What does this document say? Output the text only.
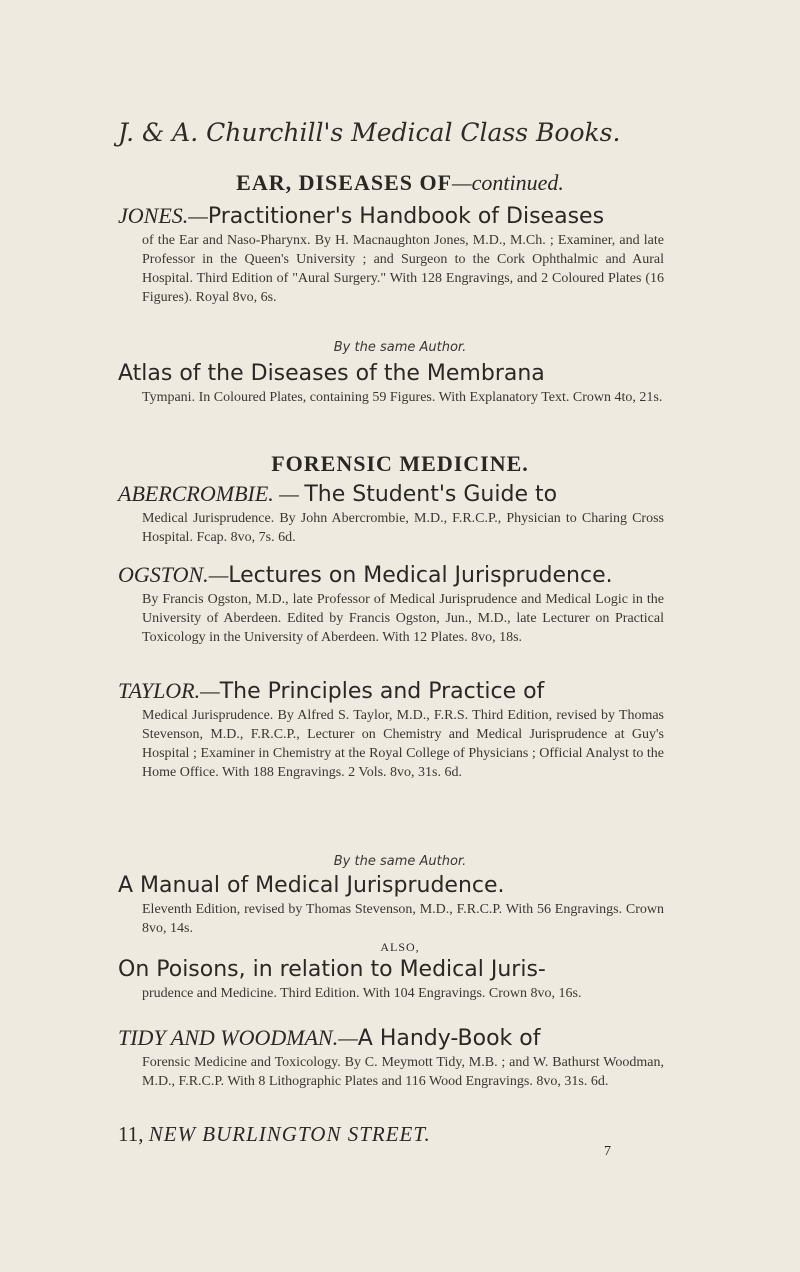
J. & A. Churchill's Medical Class Books.
EAR, DISEASES OF—continued.
JONES.—Practitioner's Handbook of Diseases
of the Ear and Naso-Pharynx. By H. Macnaughton Jones, M.D., M.Ch. ; Examiner, and late Professor in the Queen's University ; and Surgeon to the Cork Ophthalmic and Aural Hospital. Third Edition of "Aural Surgery." With 128 Engravings, and 2 Coloured Plates (16 Figures). Royal 8vo, 6s.
By the same Author.
Atlas of the Diseases of the Membrana
Tympani. In Coloured Plates, containing 59 Figures. With Explanatory Text. Crown 4to, 21s.
FORENSIC MEDICINE.
ABERCROMBIE. — The Student's Guide to
Medical Jurisprudence. By John Abercrombie, M.D., F.R.C.P., Physician to Charing Cross Hospital. Fcap. 8vo, 7s. 6d.
OGSTON.—Lectures on Medical Jurisprudence.
By Francis Ogston, M.D., late Professor of Medical Jurisprudence and Medical Logic in the University of Aberdeen. Edited by Francis Ogston, Jun., M.D., late Lecturer on Practical Toxicology in the University of Aberdeen. With 12 Plates. 8vo, 18s.
TAYLOR.—The Principles and Practice of
Medical Jurisprudence. By Alfred S. Taylor, M.D., F.R.S. Third Edition, revised by Thomas Stevenson, M.D., F.R.C.P., Lecturer on Chemistry and Medical Jurisprudence at Guy's Hospital ; Examiner in Chemistry at the Royal College of Physicians ; Official Analyst to the Home Office. With 188 Engravings. 2 Vols. 8vo, 31s. 6d.
By the same Author.
A Manual of Medical Jurisprudence.
Eleventh Edition, revised by Thomas Stevenson, M.D., F.R.C.P. With 56 Engravings. Crown 8vo, 14s.
ALSO,
On Poisons, in relation to Medical Juris-
prudence and Medicine. Third Edition. With 104 Engravings. Crown 8vo, 16s.
TIDY AND WOODMAN.—A Handy-Book of
Forensic Medicine and Toxicology. By C. Meymott Tidy, M.B. ; and W. Bathurst Woodman, M.D., F.R.C.P. With 8 Lithographic Plates and 116 Wood Engravings. 8vo, 31s. 6d.
11, NEW BURLINGTON STREET.
7
